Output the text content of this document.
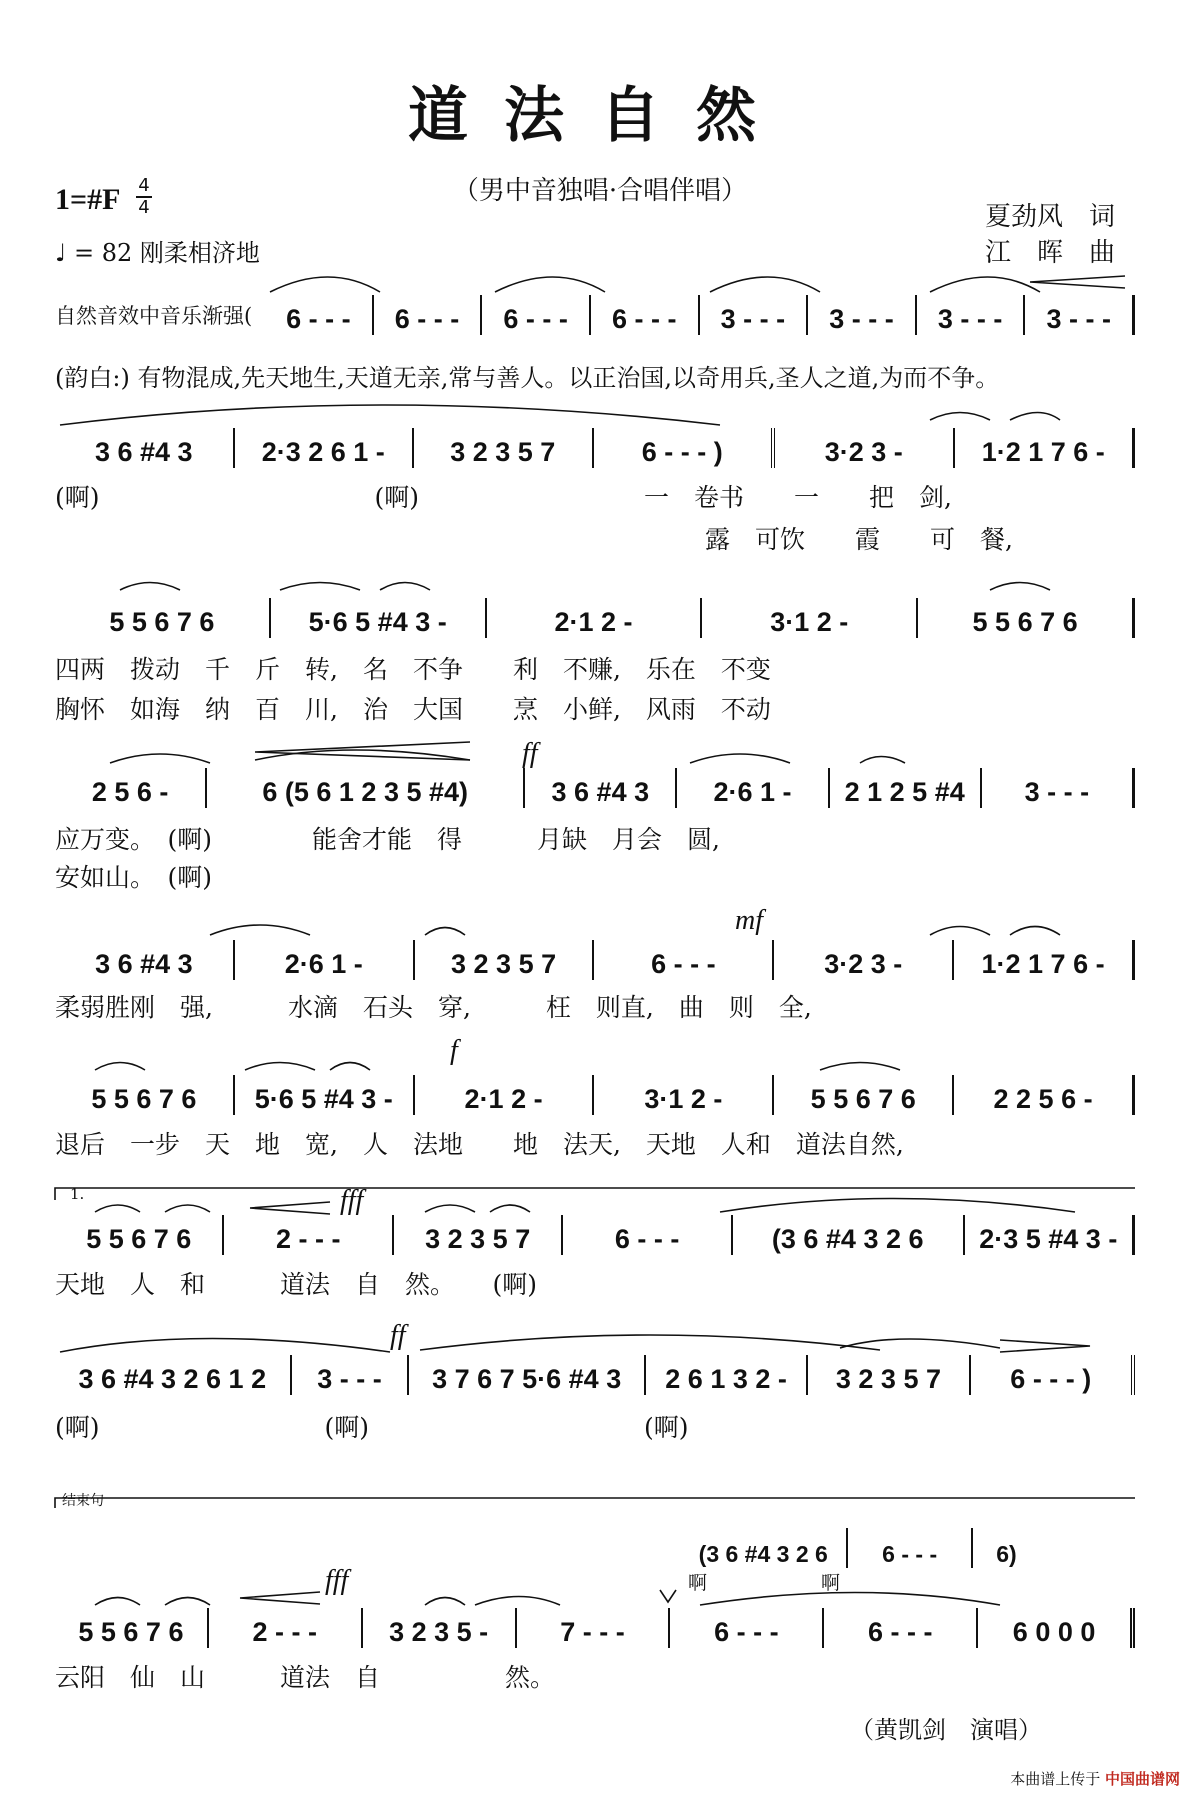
道法自然
（男中音独唱·合唱伴唱）
夏劲风　词
江　晖　曲
1=#F 4
4
♩ = 82 刚柔相济地
自然音效中音乐渐强(	6 - - -	6 - - -	6 - - -	6 - - -	3 - - -	3 - - -	3 - - -	3 - - -
(韵白:) 有物混成,先天地生,天道无亲,常与善人。以正治国,以奇用兵,圣人之道,为而不争。
3 6 #4 3	2·3 2 6 1 -	3 2 3 5 7	6 - - - )	3·2 3 -	1·2 1 7 6 -
(啊)　　　　　　　　　　　(啊)　　　　　　　　　一　卷书　　一　　把　剑,
　　　　　　　　　　　　　　　　　　　　　　　　　　露　可饮　　霞　　可　餐,
5 5 6 7 6	5·6 5 #4 3 -	2·1 2 -	3·1 2 -	5 5 6 7 6
四两　拨动　千　斤　转,　名　不争　　利　不赚,　乐在　不变
胸怀　如海　纳　百　川,　治　大国　　烹　小鲜,　风雨　不动
ff
2 5 6 -	6 (5 6 1 2 3 5 #4)	3 6 #4 3	2·6 1 -	2 1 2 5 #4	3 - - -
应万变。　(啊)　　　　能舍才能　得　　　月缺　月会　圆,
安如山。　(啊)
mf
3 6 #4 3	2·6 1 -	3 2 3 5 7	6 - - -	3·2 3 -	1·2 1 7 6 -
柔弱胜刚　强,　　　水滴　石头　穿,　　　枉　则直,　曲　则　全,
f
5 5 6 7 6	5·6 5 #4 3 -	2·1 2 -	3·1 2 -	5 5 6 7 6	2 2 5 6 -
退后　一步　天　地　宽,　人　法地　　地　法天,　天地　人和　道法自然,
1.	fff
5 5 6 7 6	2 - - -	3 2 3 5 7	6 - - -	(3 6 #4 3 2 6	2·3 5 #4 3 -
天地　人　和　　　道法　自　然。　　(啊)
ff
3 6 #4 3 2 6 1 2	3 - - -	3 7 6 7 5·6 #4 3	2 6 1 3 2 -	3 2 3 5 7	6 - - - )
(啊)　　　　　　　　　(啊)　　　　　　　　　　　(啊)
结束句
(3 6 #4 3 2 6	6 - - -	6)
啊　　　　　　啊
fff
5 5 6 7 6	2 - - -	3 2 3 5 -	7 - - -	6 - - -	6 - - -	6 0 0 0
云阳　仙　山　　　道法　自　　　　　然。
（黄凯剑　演唱）
本曲谱上传于 中国曲谱网
